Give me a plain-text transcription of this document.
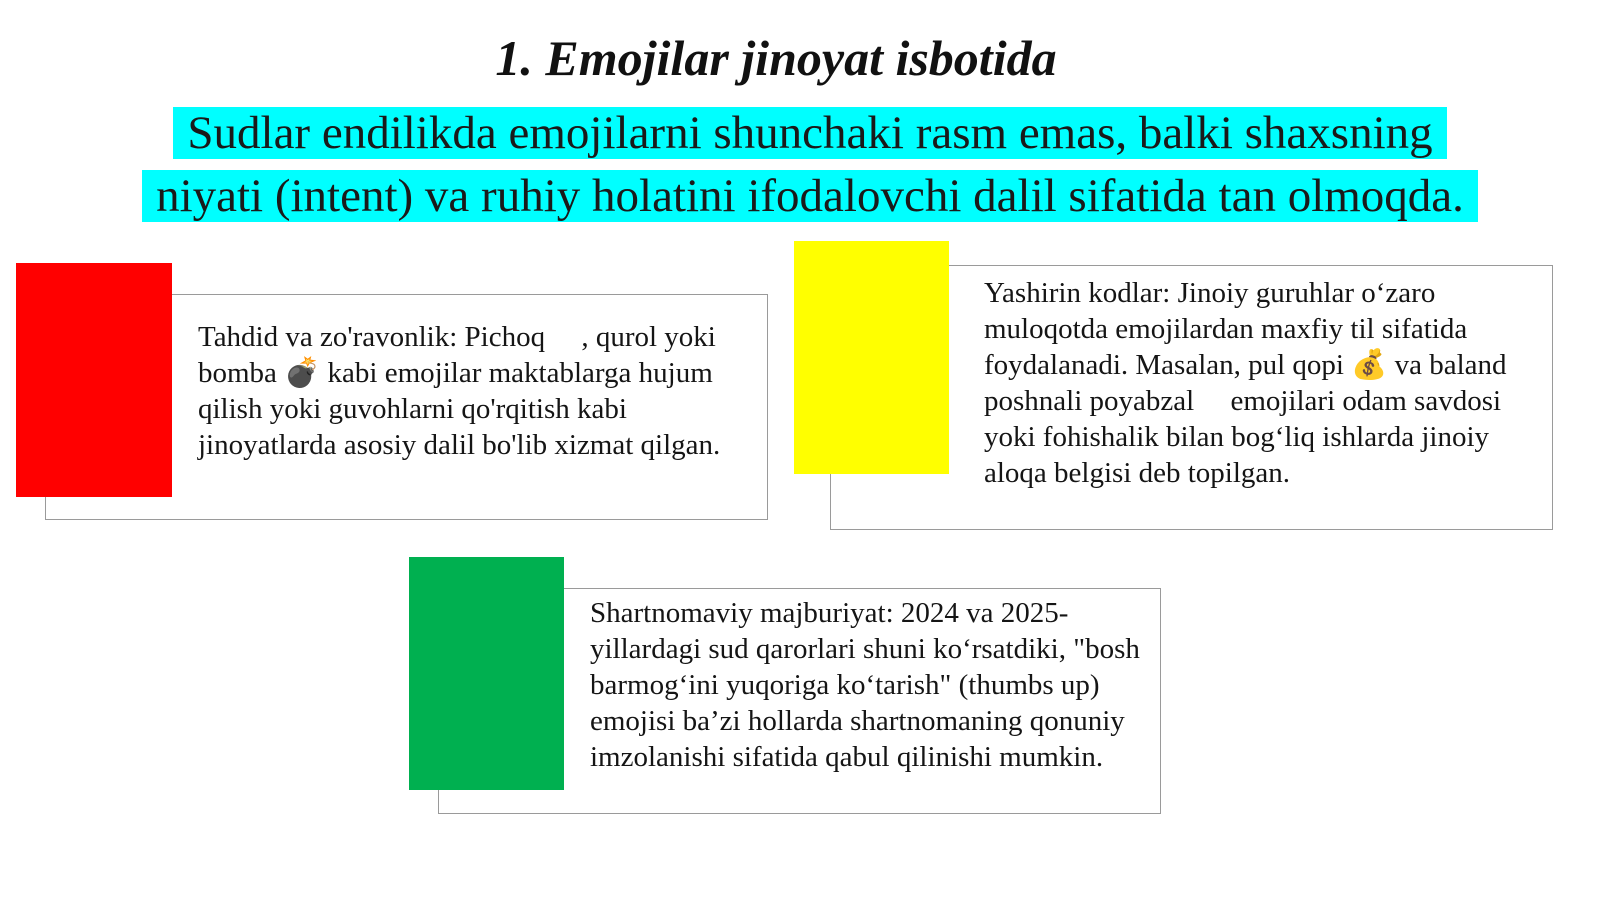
1. Emojilar jinoyat isbotida

Sudlar endilikda emojilarni shunchaki rasm emas, balki shaxsning
niyati (intent) va ruhiy holatini ifodalovchi dalil sifatida tan olmoqda.

Tahdid va zo'ravonlik: Pichoq  , qurol yoki bomba 💣 kabi emojilar maktablarga hujum qilish yoki guvohlarni qo'rqitish kabi jinoyatlarda asosiy dalil bo'lib xizmat qilgan.

Yashirin kodlar: Jinoiy guruhlar o‘zaro muloqotda emojilardan maxfiy til sifatida foydalanadi. Masalan, pul qopi 💰 va baland poshnali poyabzal  emojilari odam savdosi yoki fohishalik bilan bog‘liq ishlarda jinoiy aloqa belgisi deb topilgan.

Shartnomaviy majburiyat: 2024 va 2025-yillardagi sud qarorlari shuni ko‘rsatdiki, "bosh barmog‘ini yuqoriga ko‘tarish" (thumbs up) emojisi ba’zi hollarda shartnomaning qonuniy imzolanishi sifatida qabul qilinishi mumkin.
